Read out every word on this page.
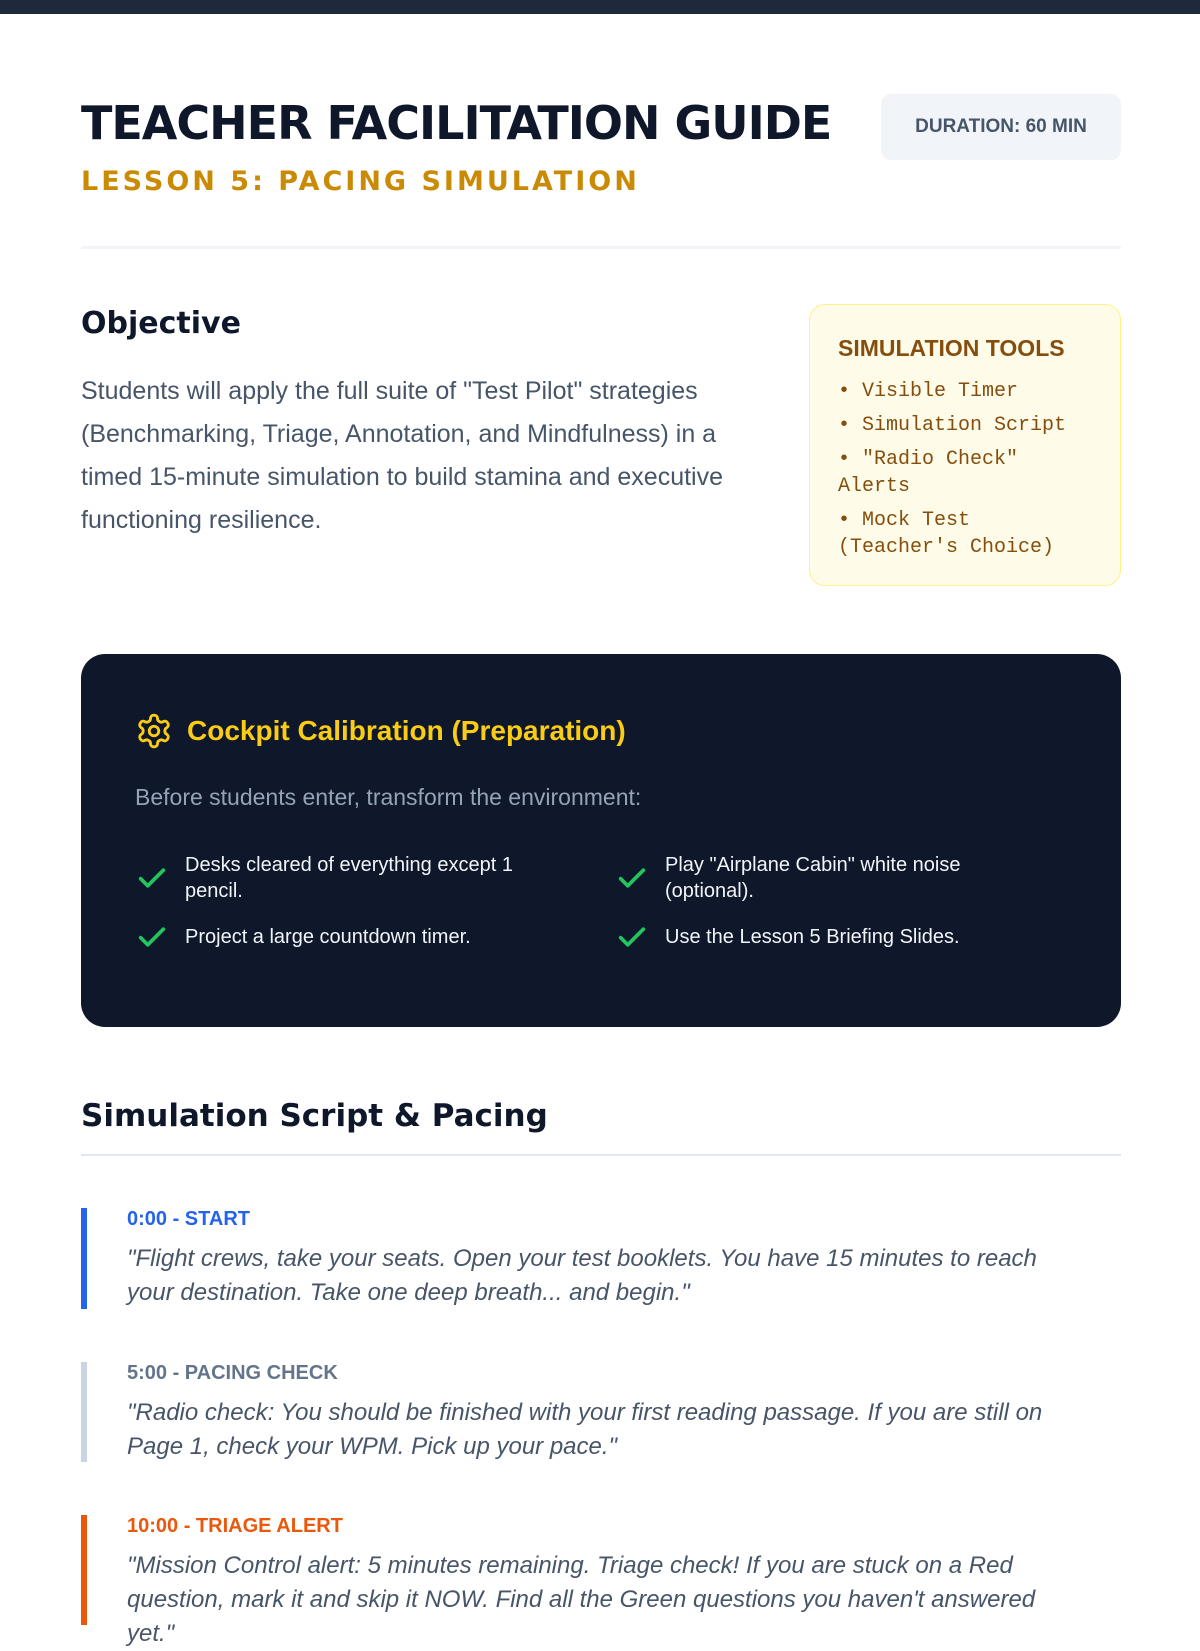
TEACHER FACILITATION GUIDE
LESSON 5: PACING SIMULATION
DURATION: 60 MIN
Objective

Students will apply the full suite of "Test Pilot" strategies (Benchmarking, Triage, Annotation, and Mindfulness) in a timed 15-minute simulation to build stamina and executive functioning resilience.

SIMULATION TOOLS
• Visible Timer
• Simulation Script
• "Radio Check" Alerts
• Mock Test (Teacher's Choice)
Cockpit Calibration (Preparation)
Before students enter, transform the environment:
Desks cleared of everything except 1 pencil.
Play "Airplane Cabin" white noise (optional).
Project a large countdown timer.	Use the Lesson 5 Briefing Slides.
Simulation Script & Pacing
0:00 - START

"Flight crews, take your seats. Open your test booklets. You have 15 minutes to reach your destination. Take one deep breath... and begin."

5:00 - PACING CHECK

"Radio check: You should be finished with your first reading passage. If you are still on Page 1, check your WPM. Pick up your pace."

10:00 - TRIAGE ALERT

"Mission Control alert: 5 minutes remaining. Triage check! If you are stuck on a Red question, mark it and skip it NOW. Find all the Green questions you haven't answered yet."
